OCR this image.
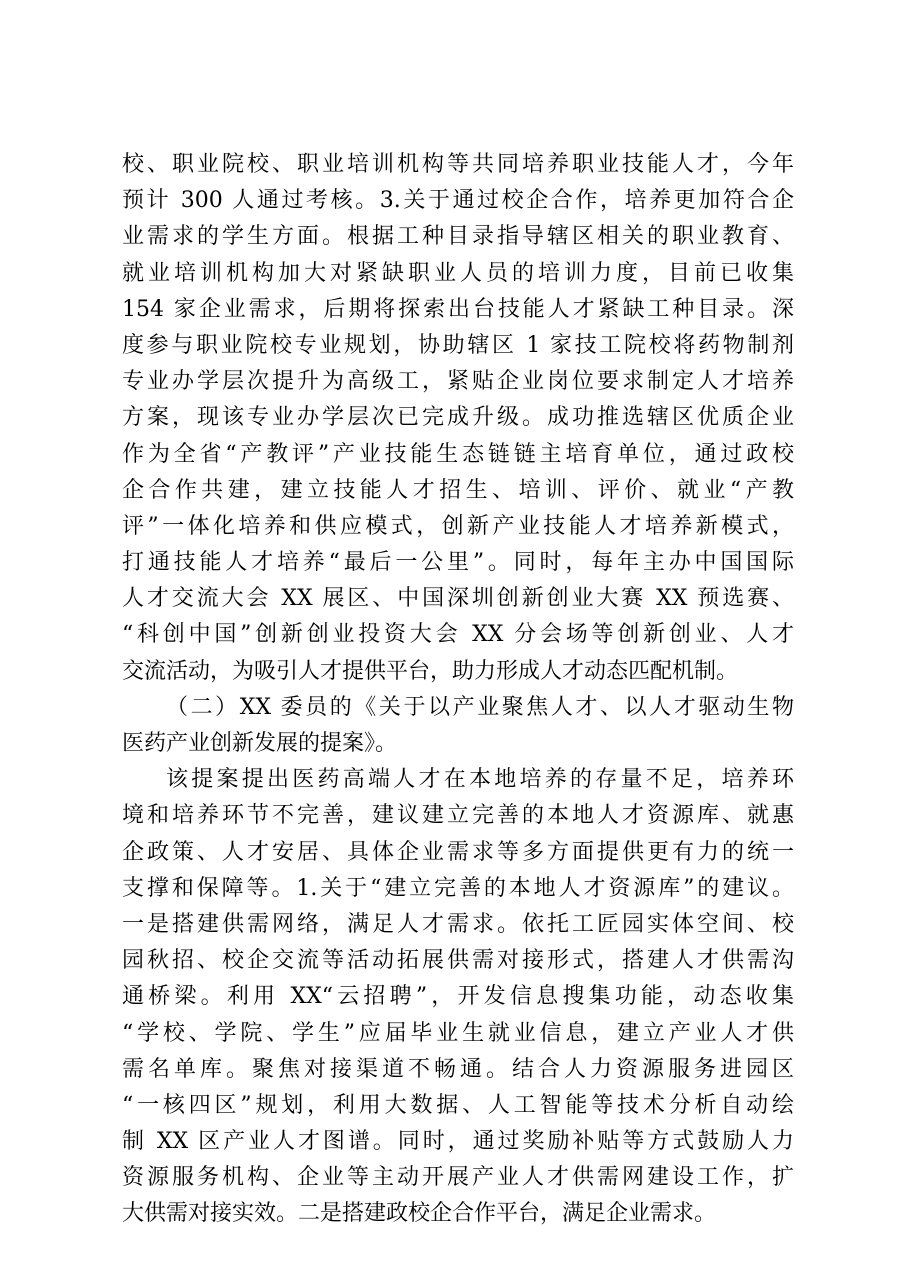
校、职业院校、职业培训机构等共同培养职业技能人才，今年
预计 300 人通过考核。3.关于通过校企合作，培养更加符合企
业需求的学生方面。根据工种目录指导辖区相关的职业教育、
就业培训机构加大对紧缺职业人员的培训力度，目前已收集
154 家企业需求，后期将探索出台技能人才紧缺工种目录。深
度参与职业院校专业规划，协助辖区 1 家技工院校将药物制剂
专业办学层次提升为高级工，紧贴企业岗位要求制定人才培养
方案，现该专业办学层次已完成升级。成功推选辖区优质企业
作为全省“产教评”产业技能生态链链主培育单位，通过政校
企合作共建，建立技能人才招生、培训、评价、就业“产教
评”一体化培养和供应模式，创新产业技能人才培养新模式，
打通技能人才培养“最后一公里”。同时，每年主办中国国际
人才交流大会 XX 展区、中国深圳创新创业大赛 XX 预选赛、
“科创中国”创新创业投资大会 XX 分会场等创新创业、人才
交流活动，为吸引人才提供平台，助力形成人才动态匹配机制。
（二）XX 委员的《关于以产业聚焦人才、以人才驱动生物
医药产业创新发展的提案》。
该提案提出医药高端人才在本地培养的存量不足，培养环
境和培养环节不完善，建议建立完善的本地人才资源库、就惠
企政策、人才安居、具体企业需求等多方面提供更有力的统一
支撑和保障等。1.关于“建立完善的本地人才资源库”的建议。
一是搭建供需网络，满足人才需求。依托工匠园实体空间、校
园秋招、校企交流等活动拓展供需对接形式，搭建人才供需沟
通桥梁。利用 XX“云招聘”，开发信息搜集功能，动态收集
“学校、学院、学生”应届毕业生就业信息，建立产业人才供
需名单库。聚焦对接渠道不畅通。结合人力资源服务进园区
“一核四区”规划，利用大数据、人工智能等技术分析自动绘
制 XX 区产业人才图谱。同时，通过奖励补贴等方式鼓励人力
资源服务机构、企业等主动开展产业人才供需网建设工作，扩
大供需对接实效。二是搭建政校企合作平台，满足企业需求。
